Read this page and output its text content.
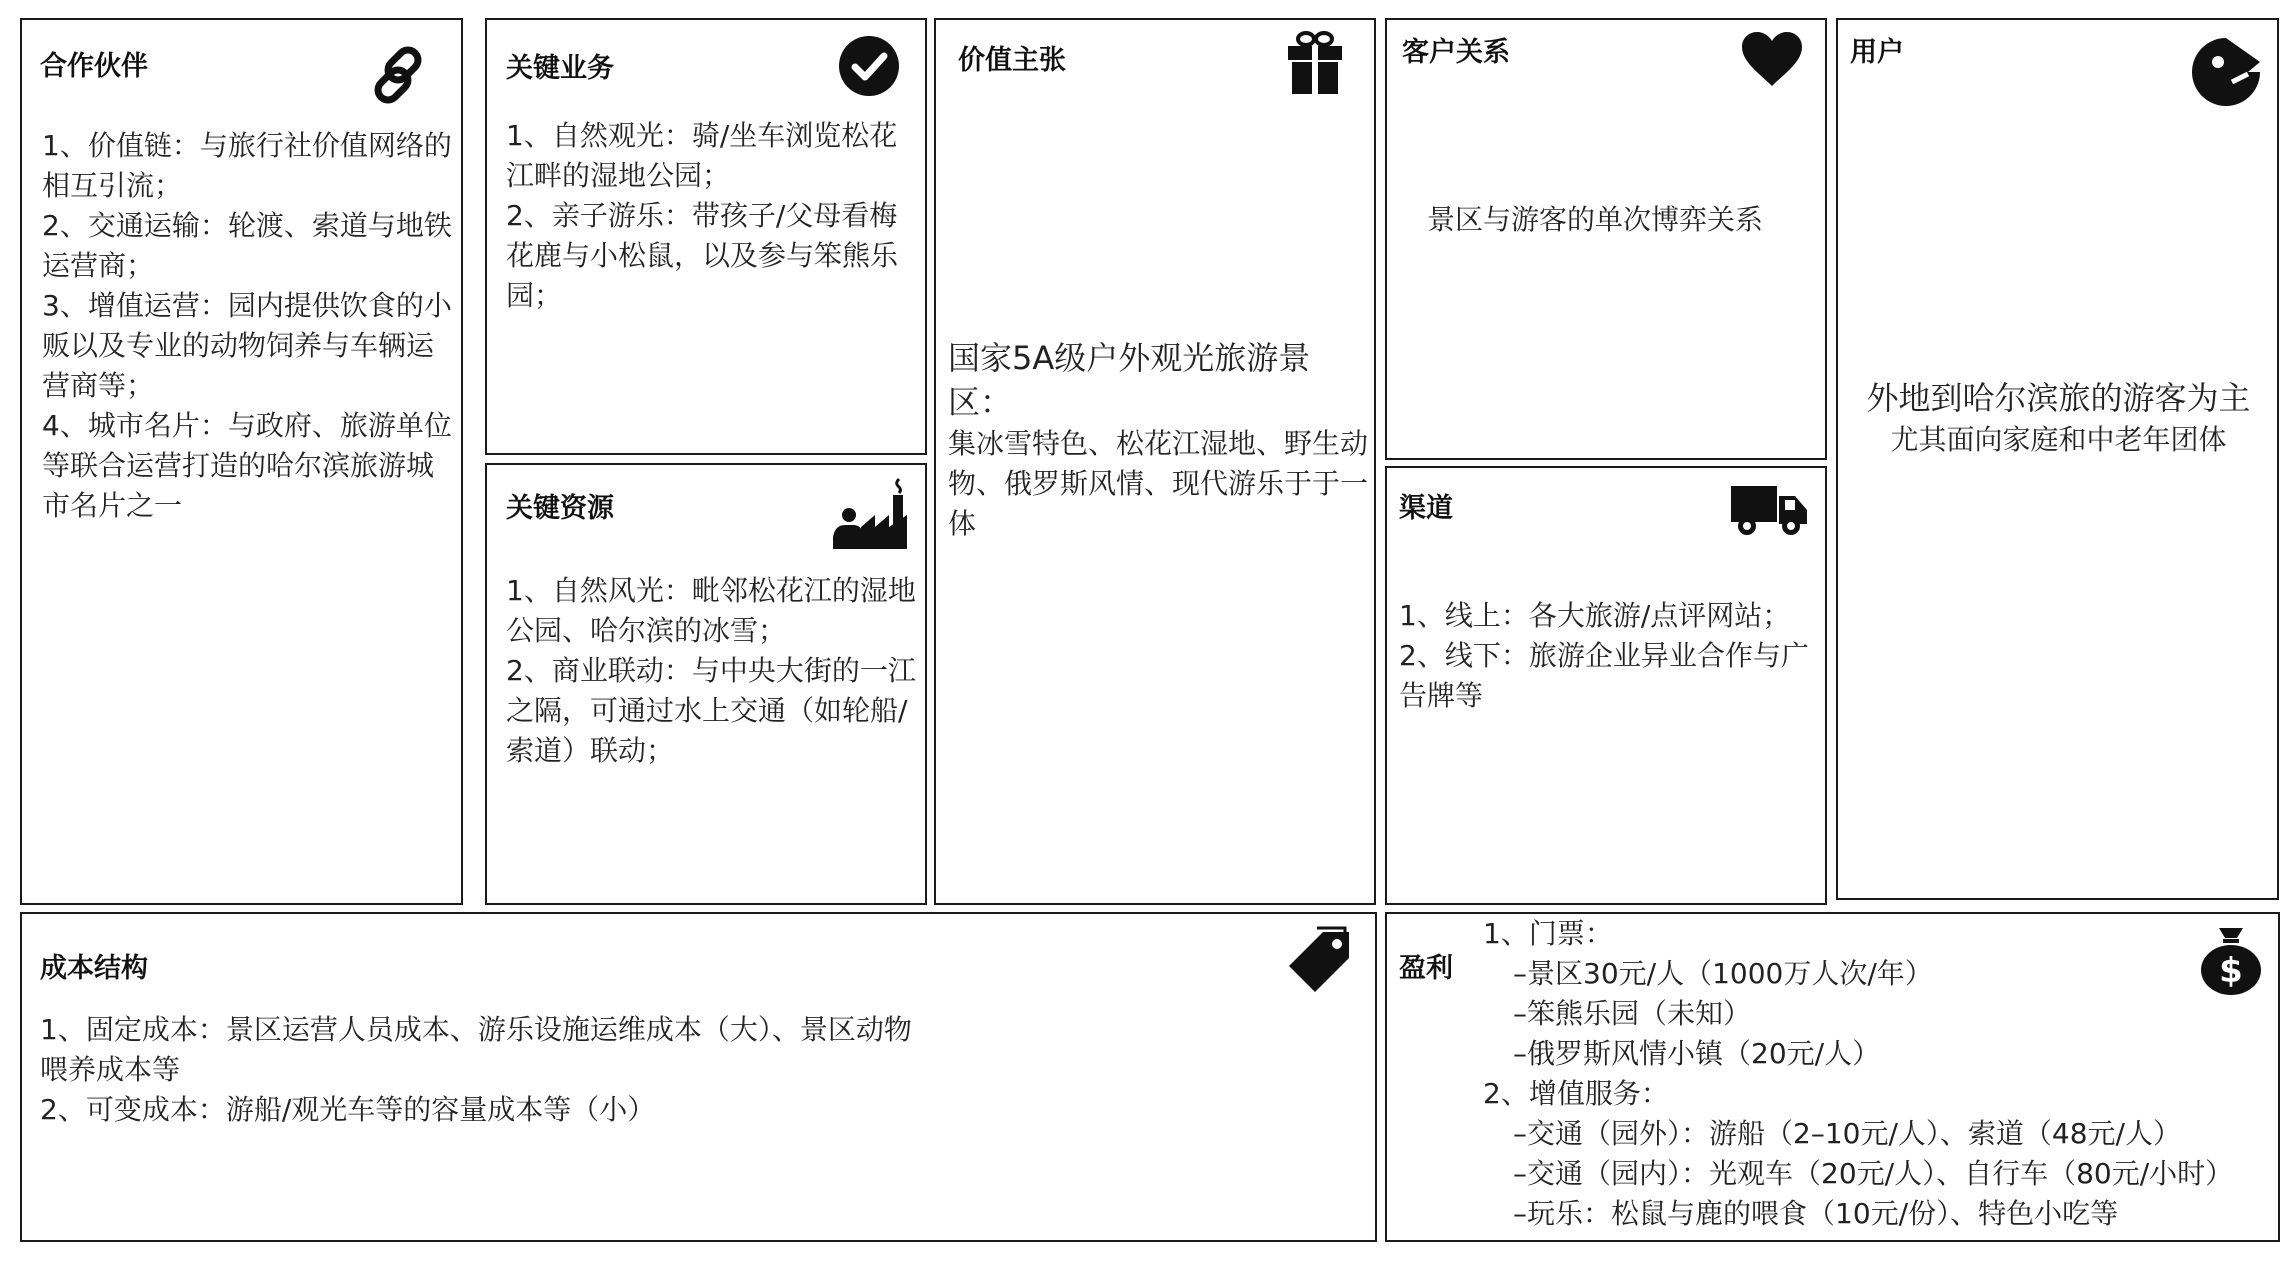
合作伙伴
1、价值链：与旅行社价值网络的相互引流；
2、交通运输：轮渡、索道与地铁运营商；
3、增值运营：园内提供饮食的小贩以及专业的动物饲养与车辆运营商等；
4、城市名片：与政府、旅游单位等联合运营打造的哈尔滨旅游城市名片之一
关键业务
1、自然观光：骑/坐车浏览松花江畔的湿地公园；
2、亲子游乐：带孩子/父母看梅花鹿与小松鼠，以及参与笨熊乐园；
关键资源
1、自然风光：毗邻松花江的湿地公园、哈尔滨的冰雪；
2、商业联动：与中央大街的一江之隔，可通过水上交通（如轮船/索道）联动；
价值主张
国家5A级户外观光旅游景区：
集冰雪特色、松花江湿地、野生动物、俄罗斯风情、现代游乐于于一体
客户关系
景区与游客的单次博弈关系
渠道
1、线上：各大旅游/点评网站；
2、线下：旅游企业异业合作与广告牌等
用户
外地到哈尔滨旅的游客为主
尤其面向家庭和中老年团体
成本结构
1、固定成本：景区运营人员成本、游乐设施运维成本（大）、景区动物喂养成本等
2、可变成本：游船/观光车等的容量成本等（小）
盈利	$
1、门票：
–景区30元/人（1000万人次/年）
–笨熊乐园（未知）
–俄罗斯风情小镇（20元/人）
2、增值服务：
–交通（园外）：游船（2–10元/人）、索道（48元/人）
–交通（园内）：光观车（20元/人）、自行车（80元/小时）
–玩乐：松鼠与鹿的喂食（10元/份）、特色小吃等
